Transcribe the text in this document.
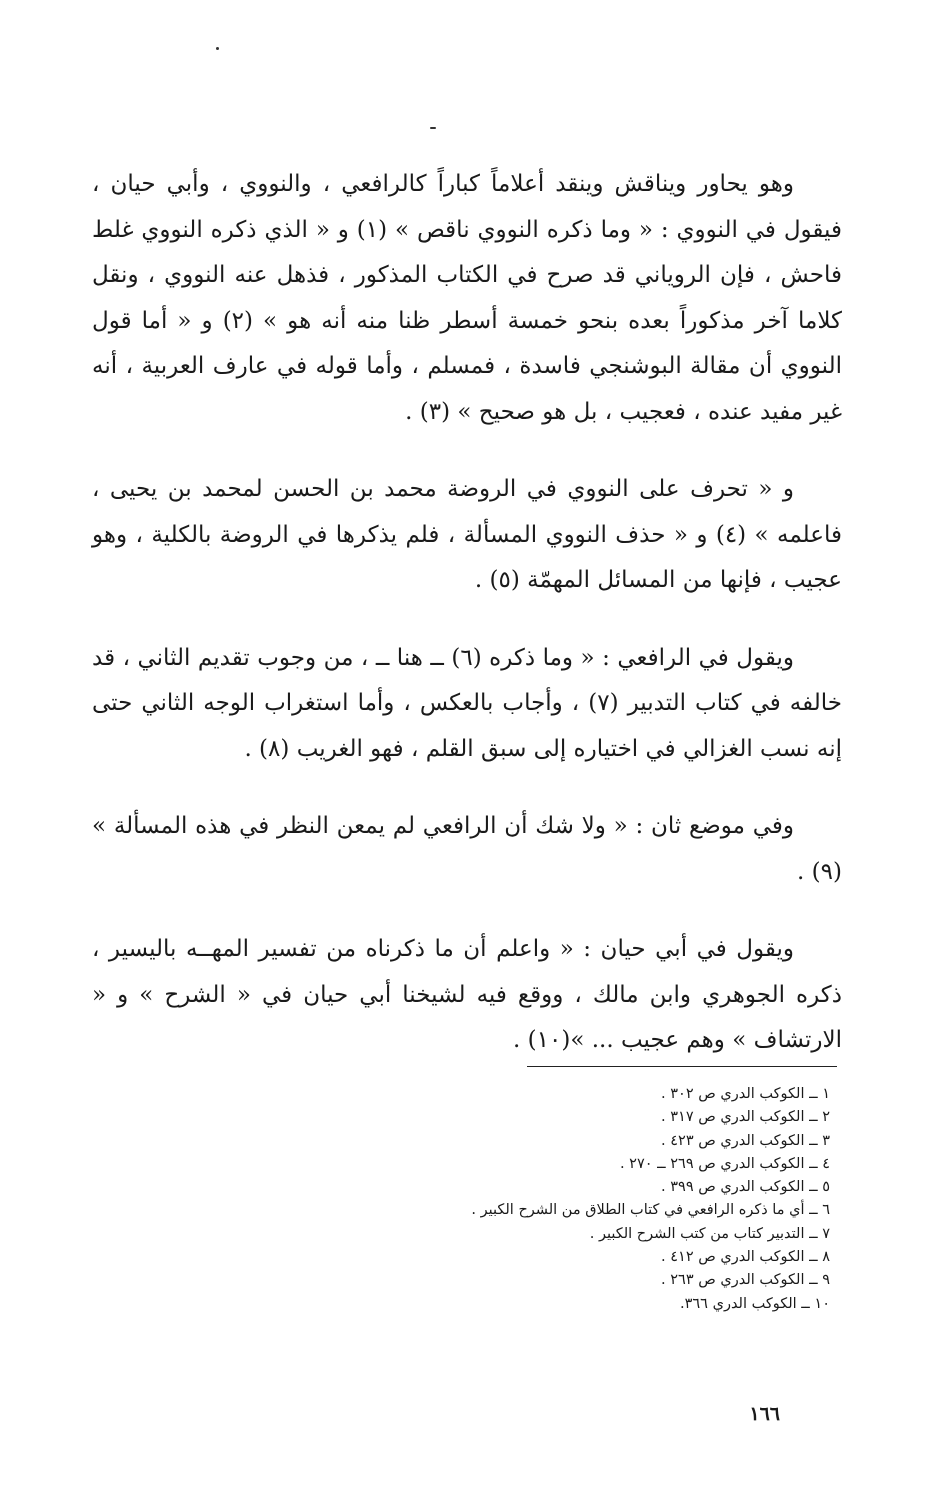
وهو يحاور ويناقش وينقد أعلاماً كباراً كالرافعي ، والنووي ، وأبي حيان ، فيقول في النووي : « وما ذكره النووي ناقص » (١) و « الذي ذكره النووي غلط فاحش ، فإن الروياني قد صرح في الكتاب المذكور ، فذهل عنه النووي ، ونقل كلاما آخر مذكوراً بعده بنحو خمسة أسطر ظنا منه أنه هو » (٢) و « أما قول النووي أن مقالة البوشنجي فاسدة ، فمسلم ، وأما قوله في عارف العربية ، أنه غير مفيد عنده ، فعجيب ، بل هو صحيح » (٣) .

و « تحرف على النووي في الروضة محمد بن الحسن لمحمد بن يحيى ، فاعلمه » (٤) و « حذف النووي المسألة ، فلم يذكرها في الروضة بالكلية ، وهو عجيب ، فإنها من المسائل المهمّة (٥) .

ويقول في الرافعي : « وما ذكره (٦) ــ هنا ــ ، من وجوب تقديم الثاني ، قد خالفه في كتاب التدبير (٧) ، وأجاب بالعكس ، وأما استغراب الوجه الثاني حتى إنه نسب الغزالي في اختياره إلى سبق القلم ، فهو الغريب (٨) .

وفي موضع ثان : « ولا شك أن الرافعي لم يمعن النظر في هذه المسألة » (٩) .

ويقول في أبي حيان : « واعلم أن ما ذكرناه من تفسير المهــه باليسير ، ذكره الجوهري وابن مالك ، ووقع فيه لشيخنا أبي حيان في « الشرح » و « الارتشاف » وهم عجيب ... »(١٠) .

١ ــ الكوكب الدري ص ٣٠٢ .
٢ ــ الكوكب الدري ص ٣١٧ .
٣ ــ الكوكب الدري ص ٤٢٣ .
٤ ــ الكوكب الدري ص ٢٦٩ ــ ٢٧٠ .
٥ ــ الكوكب الدري ص ٣٩٩ .
٦ ــ أي ما ذكره الرافعي في كتاب الطلاق من الشرح الكبير .
٧ ــ التدبير كتاب من كتب الشرح الكبير .
٨ ــ الكوكب الدري ص ٤١٢ .
٩ ــ الكوكب الدري ص ٢٦٣ .
١٠ ــ الكوكب الدري ٣٦٦.
١٦٦
